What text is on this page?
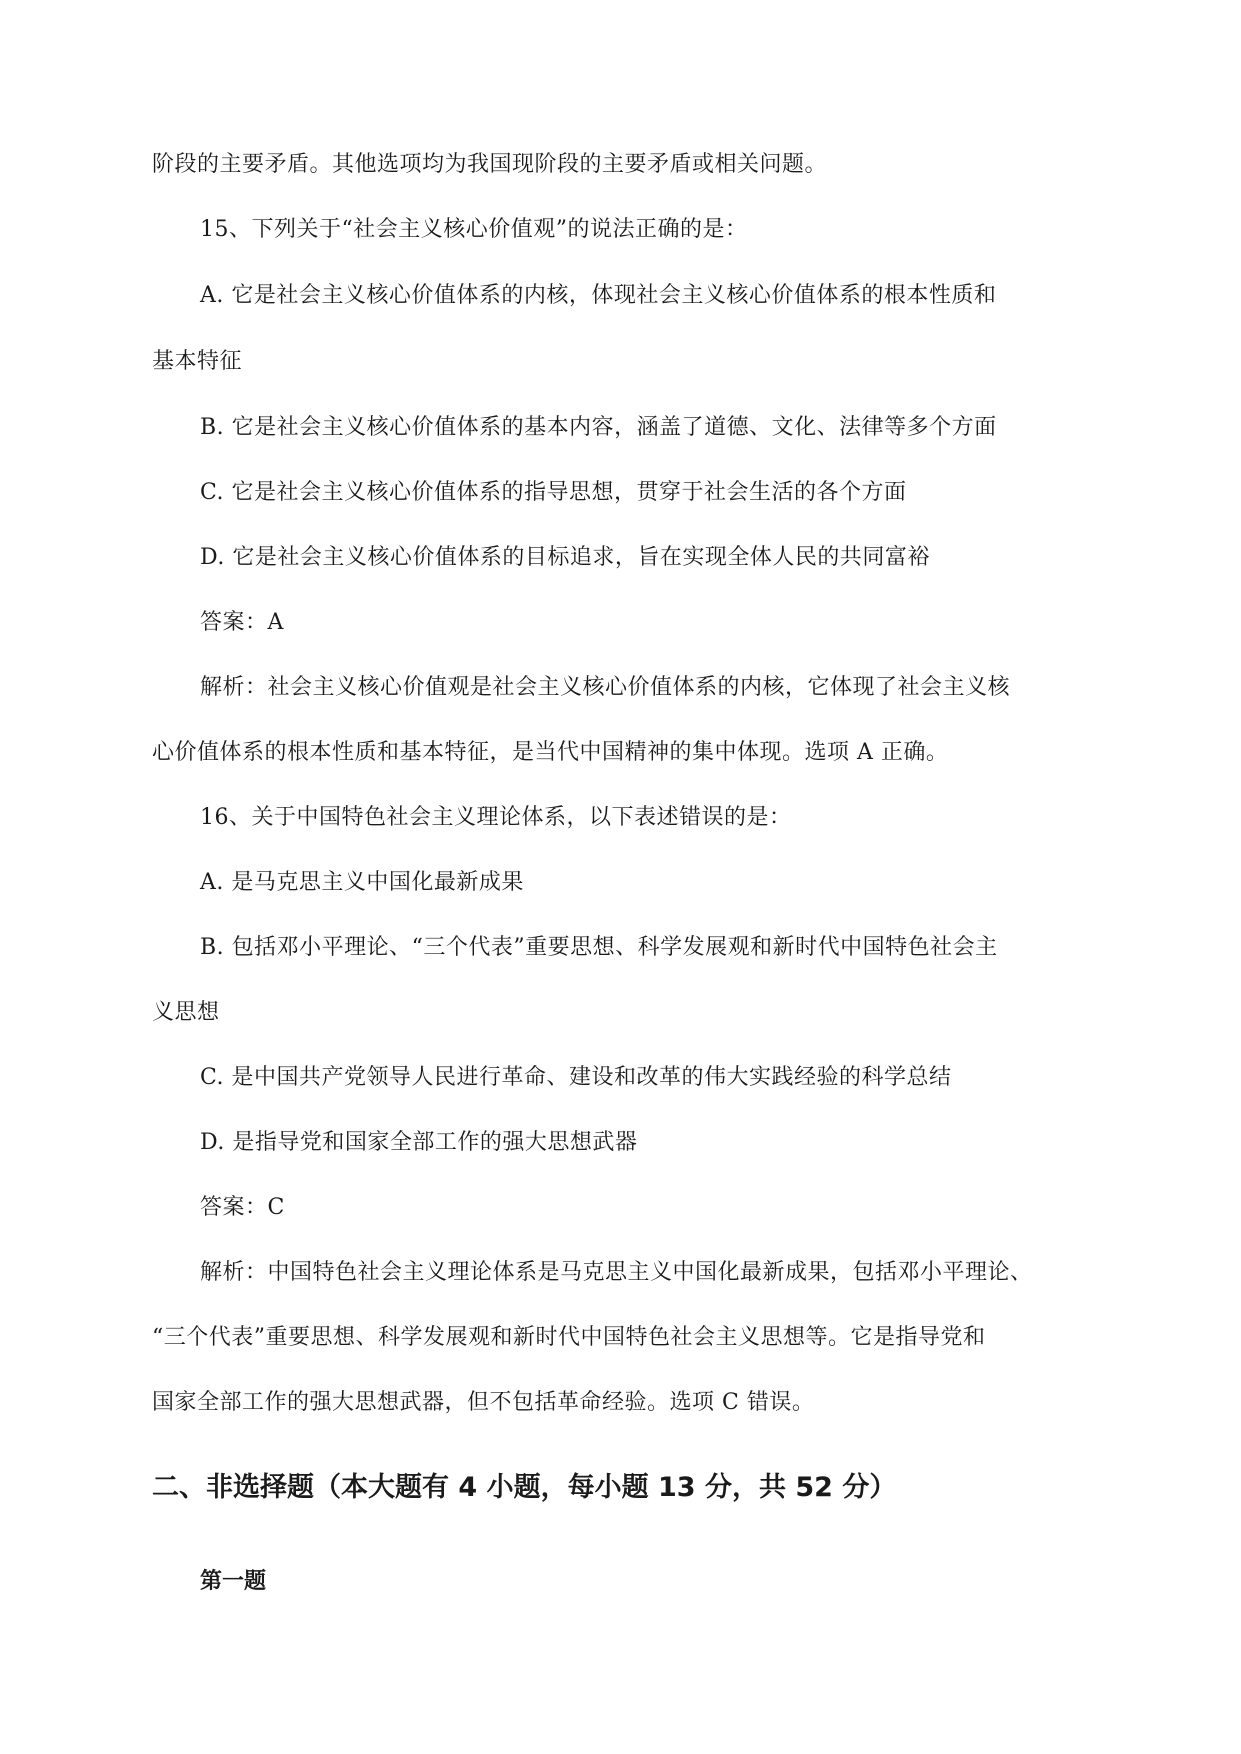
阶段的主要矛盾。其他选项均为我国现阶段的主要矛盾或相关问题。
15、下列关于“社会主义核心价值观”的说法正确的是：
A. 它是社会主义核心价值体系的内核，体现社会主义核心价值体系的根本性质和
基本特征
B. 它是社会主义核心价值体系的基本内容，涵盖了道德、文化、法律等多个方面
C. 它是社会主义核心价值体系的指导思想，贯穿于社会生活的各个方面
D. 它是社会主义核心价值体系的目标追求，旨在实现全体人民的共同富裕
答案：A
解析：社会主义核心价值观是社会主义核心价值体系的内核，它体现了社会主义核
心价值体系的根本性质和基本特征，是当代中国精神的集中体现。选项 A 正确。
16、关于中国特色社会主义理论体系，以下表述错误的是：
A. 是马克思主义中国化最新成果
B. 包括邓小平理论、“三个代表”重要思想、科学发展观和新时代中国特色社会主
义思想
C. 是中国共产党领导人民进行革命、建设和改革的伟大实践经验的科学总结
D. 是指导党和国家全部工作的强大思想武器
答案：C
解析：中国特色社会主义理论体系是马克思主义中国化最新成果，包括邓小平理论、
“三个代表”重要思想、科学发展观和新时代中国特色社会主义思想等。它是指导党和
国家全部工作的强大思想武器，但不包括革命经验。选项 C 错误。
二、非选择题（本大题有 4 小题，每小题 13 分，共 52 分）
第一题
